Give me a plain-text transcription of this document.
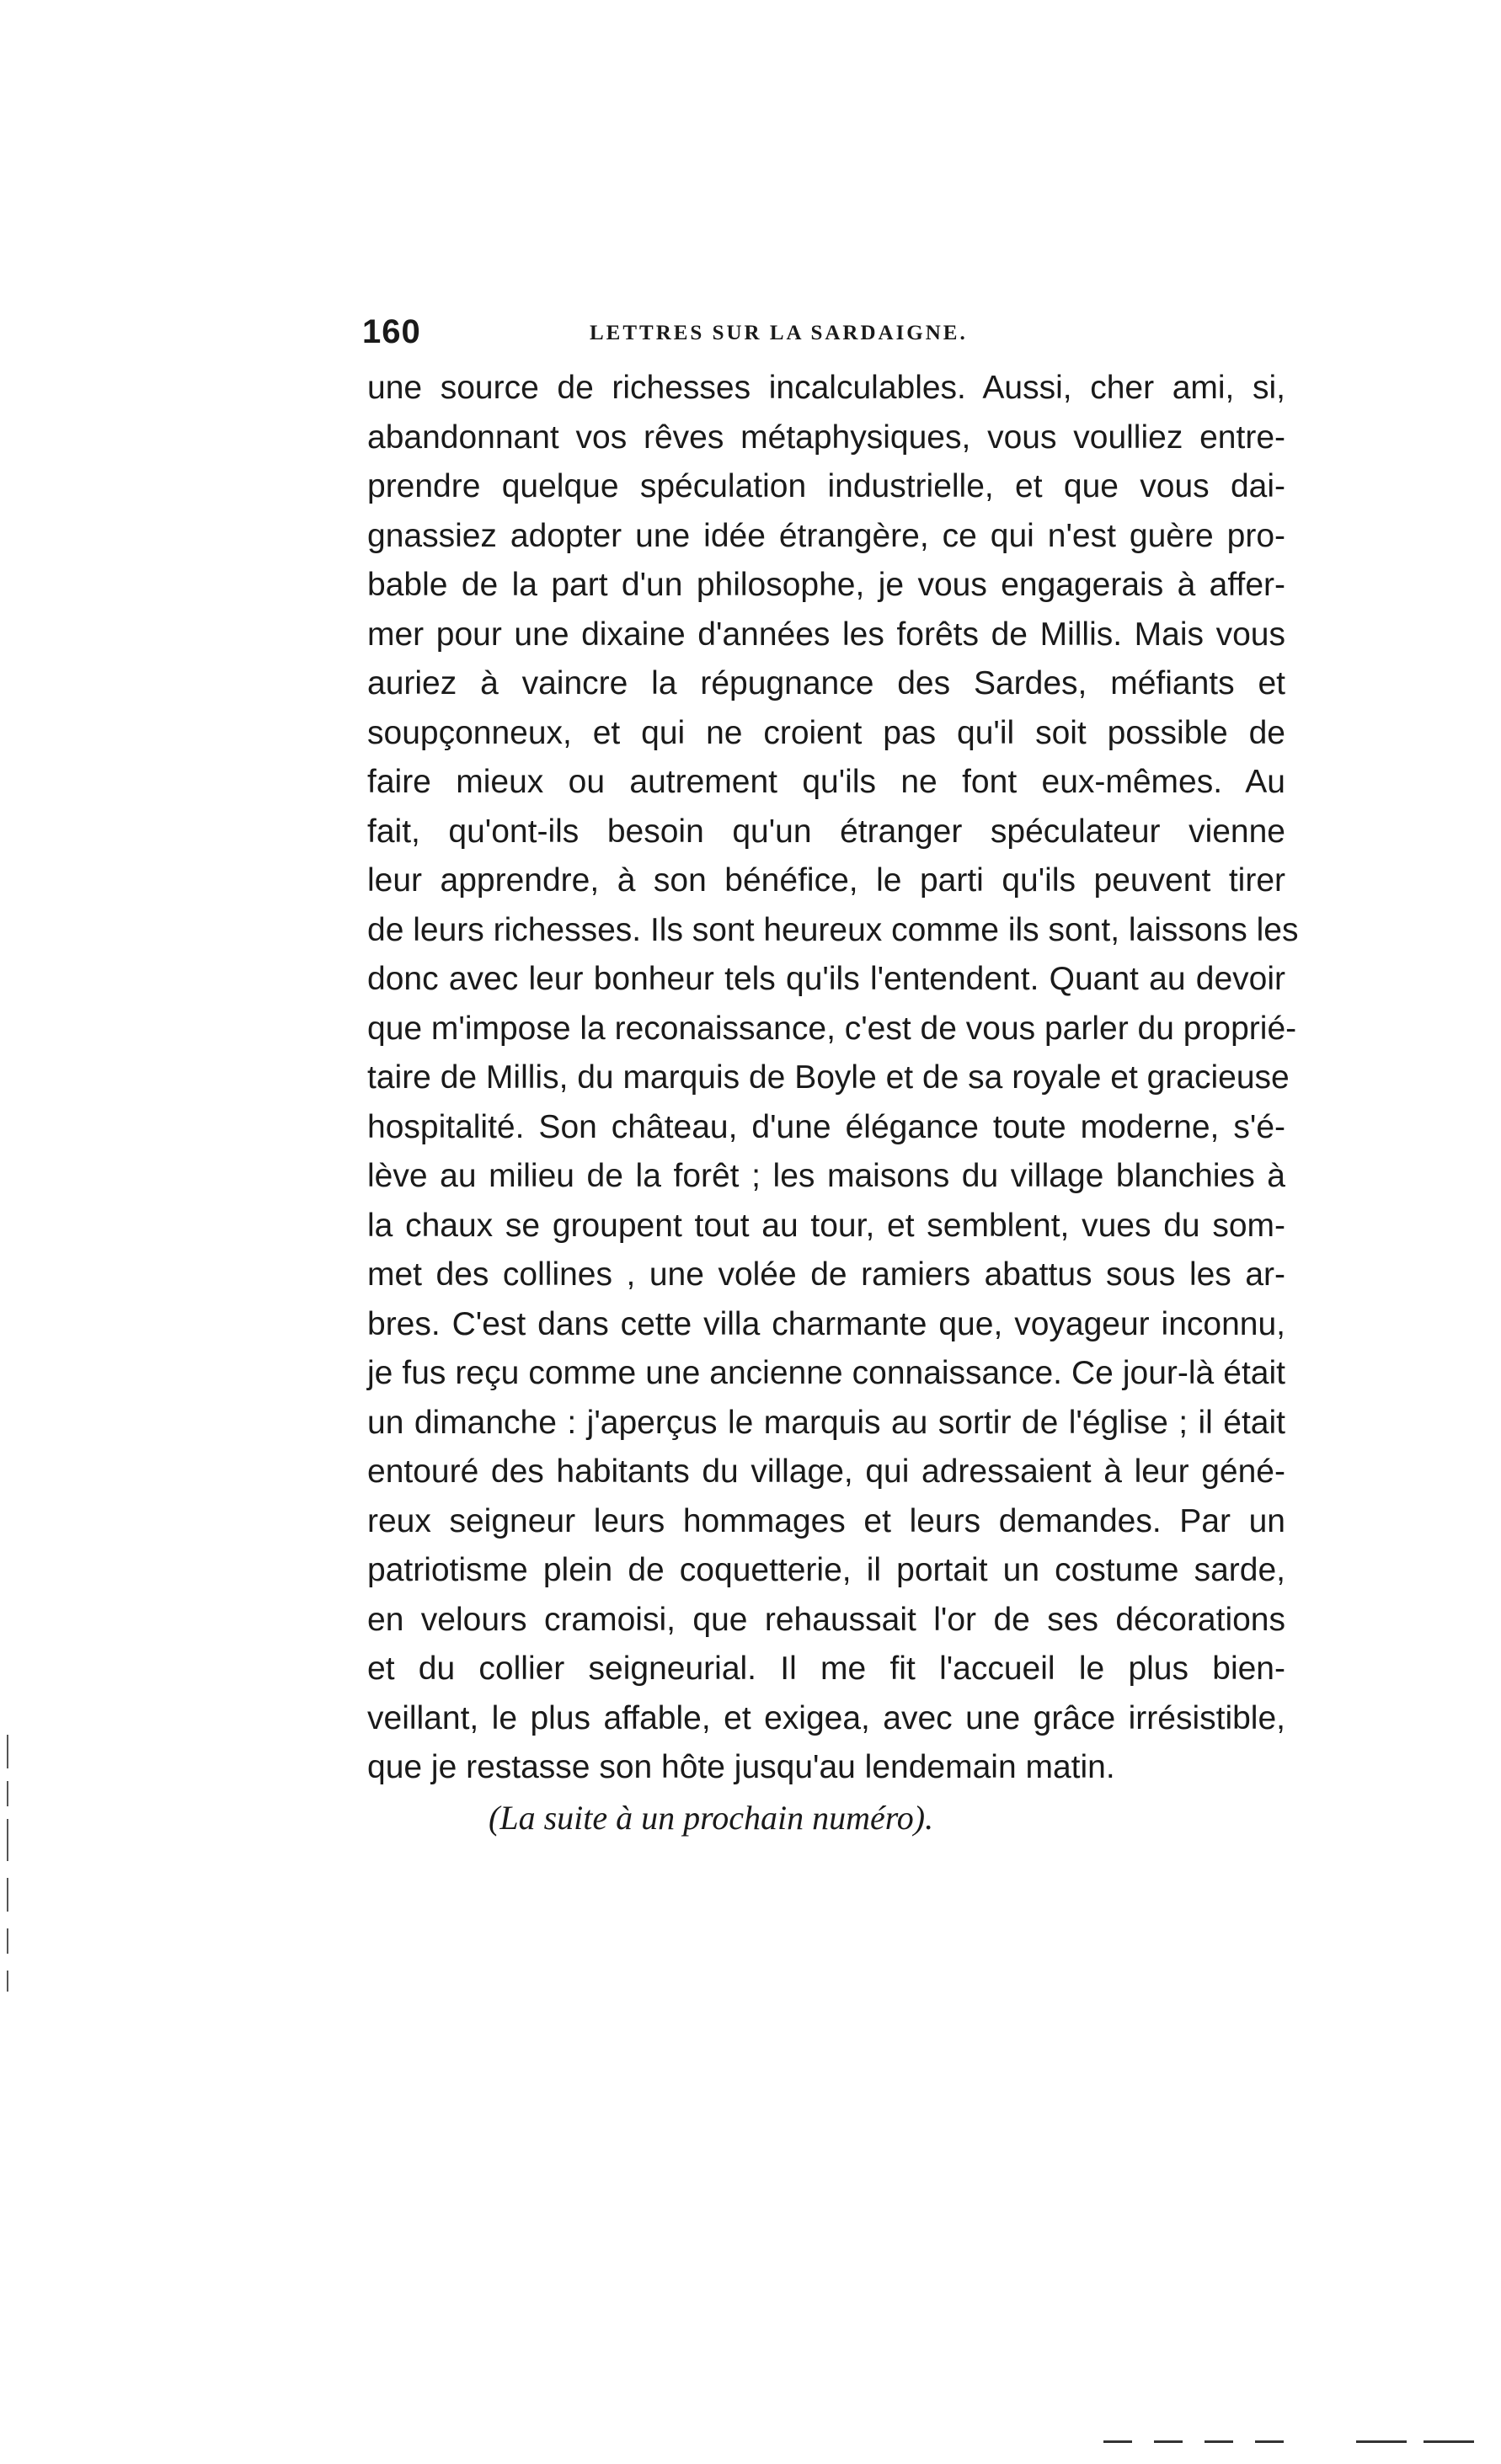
160	LETTRES SUR LA SARDAIGNE.
une source de richesses incalculables. Aussi, cher ami, si,
abandonnant vos rêves métaphysiques, vous voulliez entre-
prendre quelque spéculation industrielle, et que vous dai-
gnassiez adopter une idée étrangère, ce qui n'est guère pro-
bable de la part d'un philosophe, je vous engagerais à affer-
mer pour une dixaine d'années les forêts de Millis. Mais vous
auriez à vaincre la répugnance des Sardes, méfiants et
soupçonneux, et qui ne croient pas qu'il soit possible de
faire mieux ou autrement qu'ils ne font eux-mêmes. Au
fait, qu'ont-ils besoin qu'un étranger spéculateur vienne
leur apprendre, à son bénéfice, le parti qu'ils peuvent tirer
de leurs richesses. Ils sont heureux comme ils sont, laissons les
donc avec leur bonheur tels qu'ils l'entendent. Quant au devoir
que m'impose la reconaissance, c'est de vous parler du proprié-
taire de Millis, du marquis de Boyle et de sa royale et gracieuse
hospitalité. Son château, d'une élégance toute moderne, s'é-
lève au milieu de la forêt ; les maisons du village blanchies à
la chaux se groupent tout au tour, et semblent, vues du som-
met des collines , une volée de ramiers abattus sous les ar-
bres. C'est dans cette villa charmante que, voyageur inconnu,
je fus reçu comme une ancienne connaissance. Ce jour-là était
un dimanche : j'aperçus le marquis au sortir de l'église ; il était
entouré des habitants du village, qui adressaient à leur géné-
reux seigneur leurs hommages et leurs demandes. Par un
patriotisme plein de coquetterie, il portait un costume sarde,
en velours cramoisi, que rehaussait l'or de ses décorations
et du collier seigneurial. Il me fit l'accueil le plus bien-
veillant, le plus affable, et exigea, avec une grâce irrésistible,
que je restasse son hôte jusqu'au lendemain matin.
(La suite à un prochain numéro).
